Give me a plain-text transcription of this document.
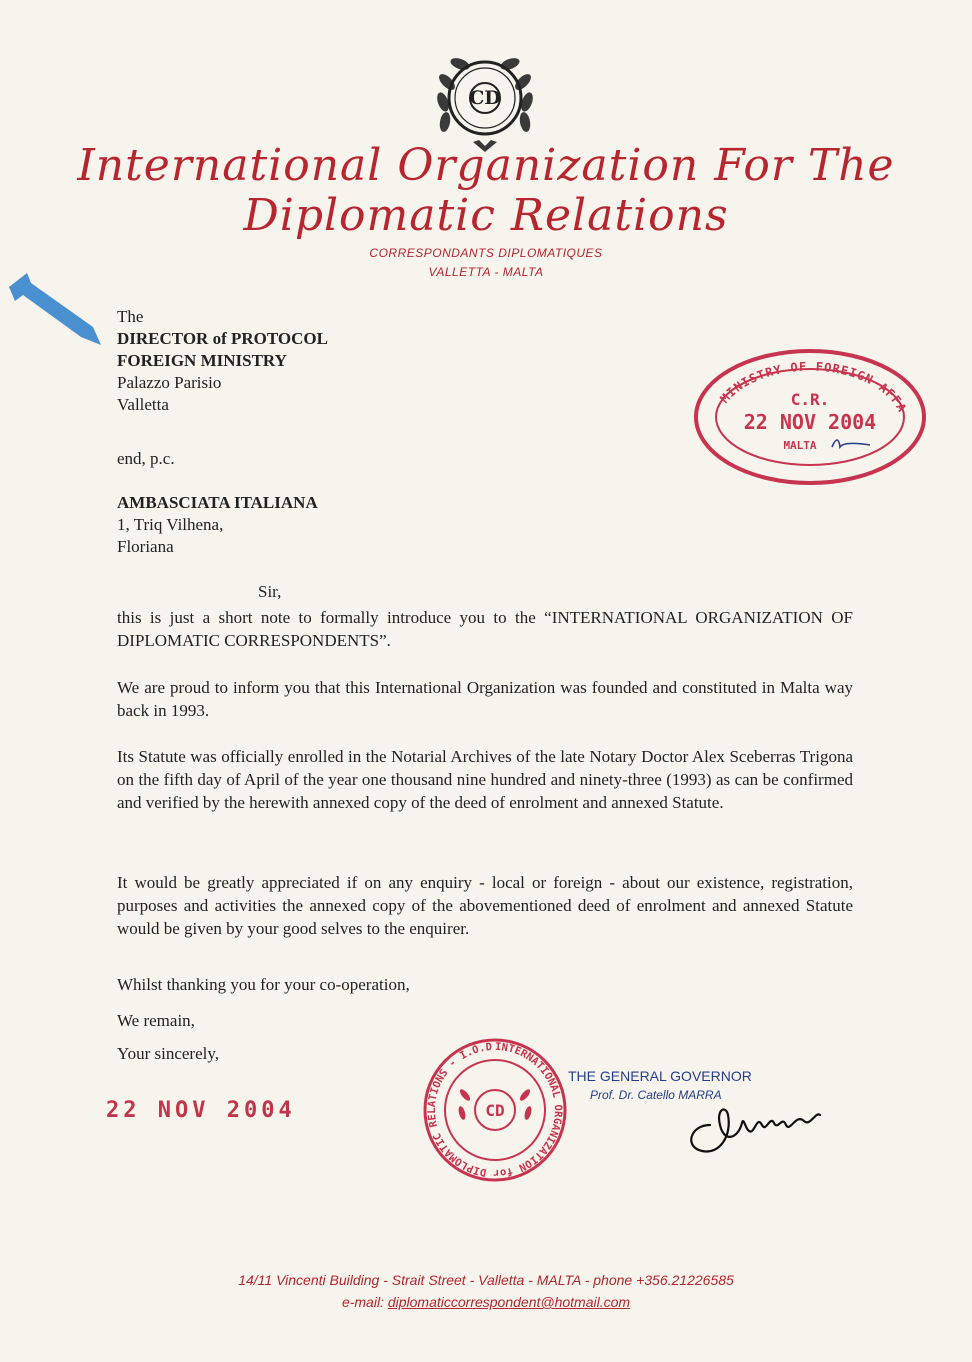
CD
International Organization For The
Diplomatic Relations
CORRESPONDANTS DIPLOMATIQUES
VALLETTA - MALTA
The
DIRECTOR of PROTOCOL
FOREIGN MINISTRY
Palazzo Parisio
Valletta
end, p.c.
AMBASCIATA ITALIANA
1, Triq Vilhena,
Floriana
MINISTRY OF FOREIGN AFFA
C.R.
22 NOV 2004
MALTA
Sir,
this is just a short note to formally introduce you to the “INTERNATIONAL ORGANIZATION OF DIPLOMATIC CORRESPONDENTS”.
We are proud to inform you that this International Organization was founded and constituted in Malta way back in 1993.
Its Statute was officially enrolled in the Notarial Archives of the late Notary Doctor Alex Sceberras Trigona on the fifth day of April of the year one thousand nine hundred and ninety-three (1993) as can be confirmed and verified by the herewith annexed copy of the deed of enrolment and annexed Statute.
It would be greatly appreciated if on any enquiry - local or foreign - about our existence, registration, purposes and activities the annexed copy of the abovementioned deed of enrolment and annexed Statute would be given by your good selves to the enquirer.
Whilst thanking you for your co-operation,
We remain,
Your sincerely,
22 NOV 2004
INTERNATIONAL ORGANIZATION for DIPLOMATIC RELATIONS - I.O.D
CD
THE GENERAL GOVERNOR
Prof. Dr. Catello MARRA
14/11 Vincenti Building - Strait Street - Valletta - MALTA - phone +356.21226585
e-mail: diplomaticcorrespondent@hotmail.com
